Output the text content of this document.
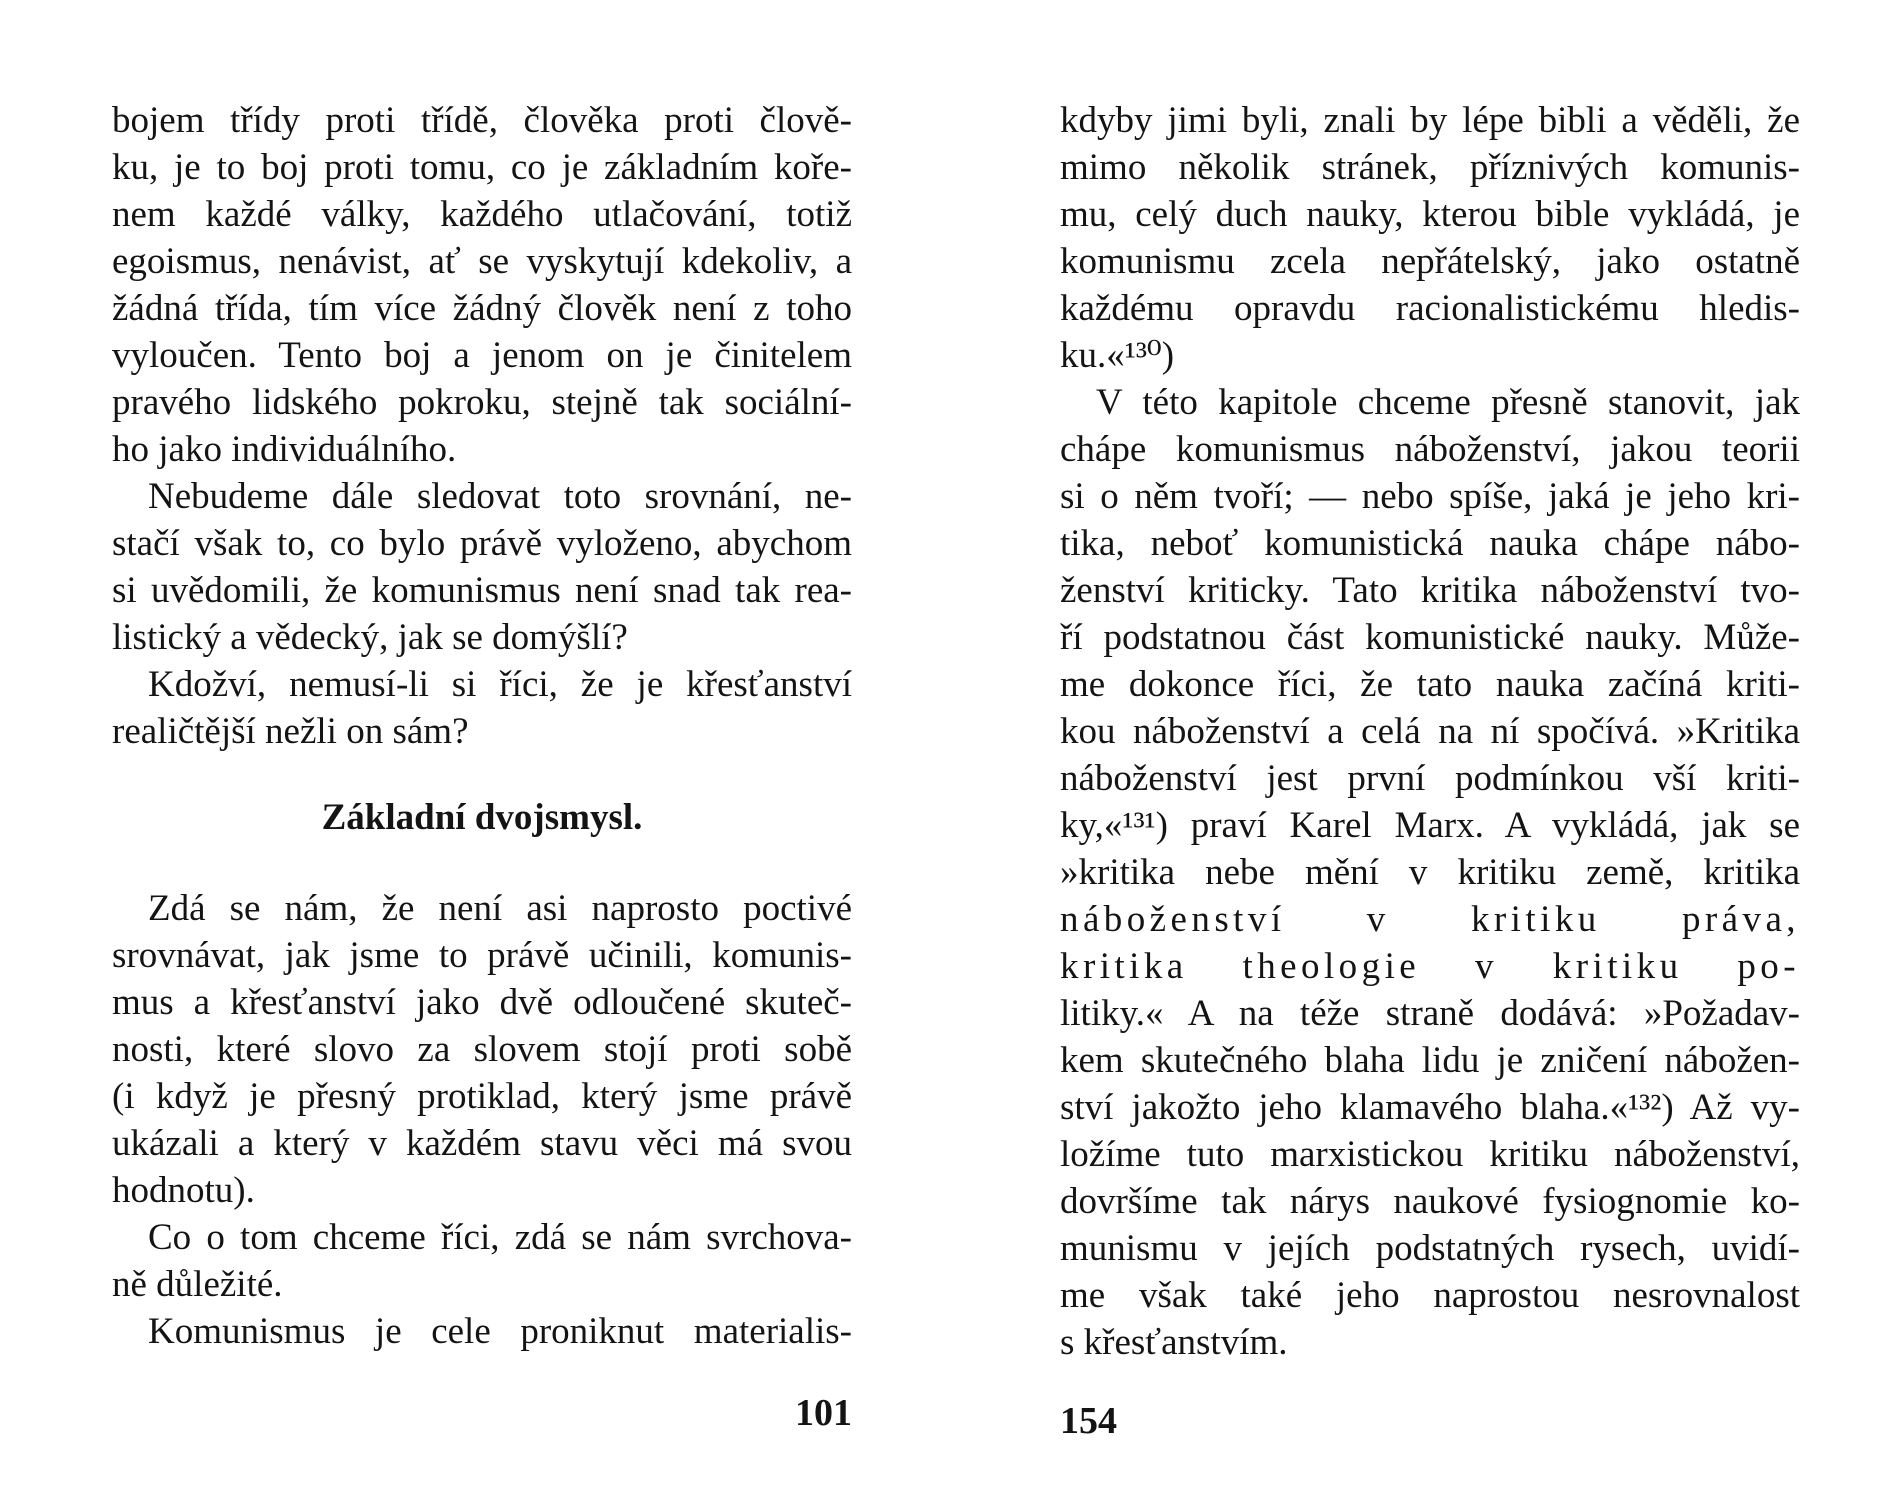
bojem třídy proti třídě, člověka proti člově-
ku, je to boj proti tomu, co je základním koře-
nem každé války, každého utlačování, totiž
egoismus, nenávist, ať se vyskytují kdekoliv, a
žádná třída, tím více žádný člověk není z toho
vyloučen. Tento boj a jenom on je činitelem
pravého lidského pokroku, stejně tak sociální-
ho jako individuálního.
Nebudeme dále sledovat toto srovnání, ne-
stačí však to, co bylo právě vyloženo, abychom
si uvědomili, že komunismus není snad tak rea-
listický a vědecký, jak se domýšlí?
Kdožví, nemusí-li si říci, že je křesťanství
realičtější nežli on sám?
Základní dvojsmysl.
Zdá se nám, že není asi naprosto poctivé
srovnávat, jak jsme to právě učinili, komunis-
mus a křesťanství jako dvě odloučené skuteč-
nosti, které slovo za slovem stojí proti sobě
(i když je přesný protiklad, který jsme právě
ukázali a který v každém stavu věci má svou
hodnotu).
Co o tom chceme říci, zdá se nám svrchova-
ně důležité.
Komunismus je cele proniknut materialis-
101
kdyby jimi byli, znali by lépe bibli a věděli, že
mimo několik stránek, příznivých komunis-
mu, celý duch nauky, kterou bible vykládá, je
komunismu zcela nepřátelský, jako ostatně
každému opravdu racionalistickému hledis-
ku.«¹³⁰)
V této kapitole chceme přesně stanovit, jak
chápe komunismus náboženství, jakou teorii
si o něm tvoří; — nebo spíše, jaká je jeho kri-
tika, neboť komunistická nauka chápe nábo-
ženství kriticky. Tato kritika náboženství tvo-
ří podstatnou část komunistické nauky. Může-
me dokonce říci, že tato nauka začíná kriti-
kou náboženství a celá na ní spočívá. »Kritika
náboženství jest první podmínkou vší kriti-
ky,«¹³¹) praví Karel Marx. A vykládá, jak se
»kritika nebe mění v kritiku země, kritika
náboženství v kritiku práva,
kritika theologie v kritiku po-
litiky.« A na téže straně dodává: »Požadav-
kem skutečného blaha lidu je zničení nábožen-
ství jakožto jeho klamavého blaha.«¹³²) Až vy-
ložíme tuto marxistickou kritiku náboženství,
dovršíme tak nárys naukové fysiognomie ko-
munismu v jejích podstatných rysech, uvidí-
me však také jeho naprostou nesrovnalost
s křesťanstvím.
154
